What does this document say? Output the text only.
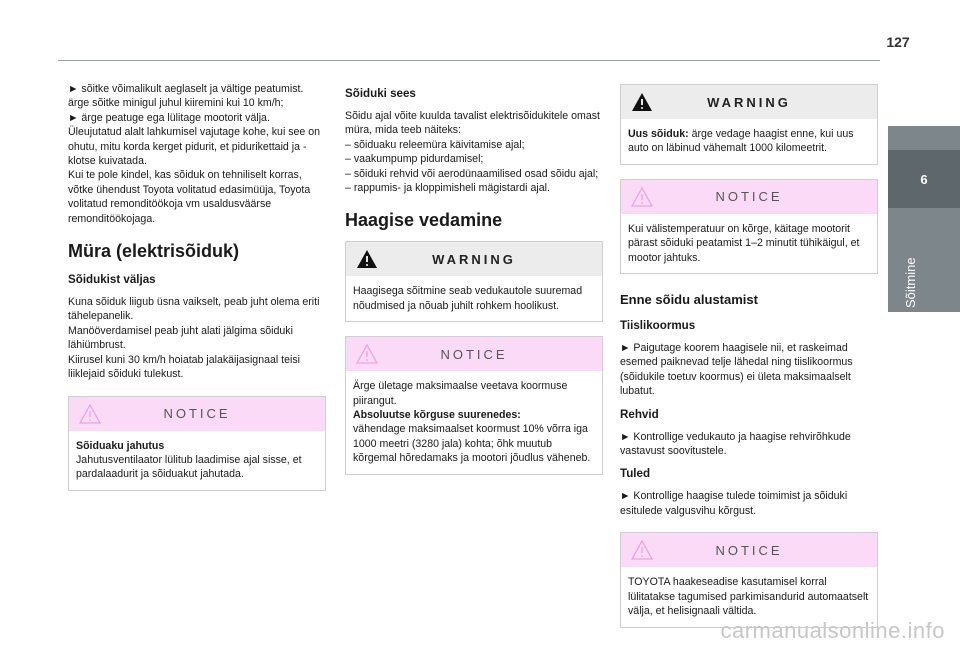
127
6
Sõitmine

► sõitke võimalikult aeglaselt ja vältige peatumist. ärge sõitke minigul juhul kiiremini kui 10 km/h;

► ärge peatuge ega lülitage mootorit välja.

Üleujutatud alalt lahkumisel vajutage kohe, kui see on ohutu, mitu korda kerget pidurit, et pidurikettaid ja -klotse kuivatada.

Kui te pole kindel, kas sõiduk on tehniliselt korras, võtke ühendust Toyota volitatud edasimüüja, Toyota volitatud remonditöökoja vm usaldusväärse remonditöökojaga.

Müra (elektrisõiduk)
Sõidukist väljas

Kuna sõiduk liigub üsna vaikselt, peab juht olema eriti tähelepanelik.

Manööverdamisel peab juht alati jälgima sõiduki lähiümbrust.

Kiirusel kuni 30 km/h hoiatab jalakäijasignaal teisi liiklejaid sõiduki tulekust.

NOTICE

Sõiduaku jahutus

Jahutusventilaator lülitub laadimise ajal sisse, et pardalaadurit ja sõiduakut jahutada.

Sõiduki sees

Sõidu ajal võite kuulda tavalist elektrisõidukitele omast müra, mida teeb näiteks:

– sõiduaku releemüra käivitamise ajal;

– vaakumpump pidurdamisel;

– sõiduki rehvid või aerodünaamilised osad sõidu ajal;

– rappumis- ja kloppimisheli mägistardi ajal.

Haagise vedamine
WARNING

Haagisega sõitmine seab vedukautole suuremad nõudmised ja nõuab juhilt rohkem hoolikust.

NOTICE

Ärge ületage maksimaalse veetava koormuse piirangut.

Absoluutse kõrguse suurenedes:

vähendage maksimaalset koormust 10% võrra iga 1000 meetri (3280 jala) kohta; õhk muutub kõrgemal hõredamaks ja mootori jõudlus väheneb.

WARNING

Uus sõiduk: ärge vedage haagist enne, kui uus auto on läbinud vähemalt 1000 kilomeetrit.

NOTICE

Kui välistemperatuur on kõrge, käitage mootorit pärast sõiduki peatamist 1–2 minutit tühikäigul, et mootor jahtuks.

Enne sõidu alustamist
Tiislikoormus

► Paigutage koorem haagisele nii, et raskeimad esemed paiknevad telje lähedal ning tiislikoormus (sõidukile toetuv koormus) ei ületa maksimaalselt lubatut.

Rehvid

► Kontrollige vedukauto ja haagise rehvirõhkude vastavust soovitustele.

Tuled

► Kontrollige haagise tulede toimimist ja sõiduki esitulede valgusvihu kõrgust.

NOTICE

TOYOTA haakeseadise kasutamisel korral lülitatakse tagumised parkimisandurid automaatselt välja, et helisignaali vältida.

carmanualsonline.info
